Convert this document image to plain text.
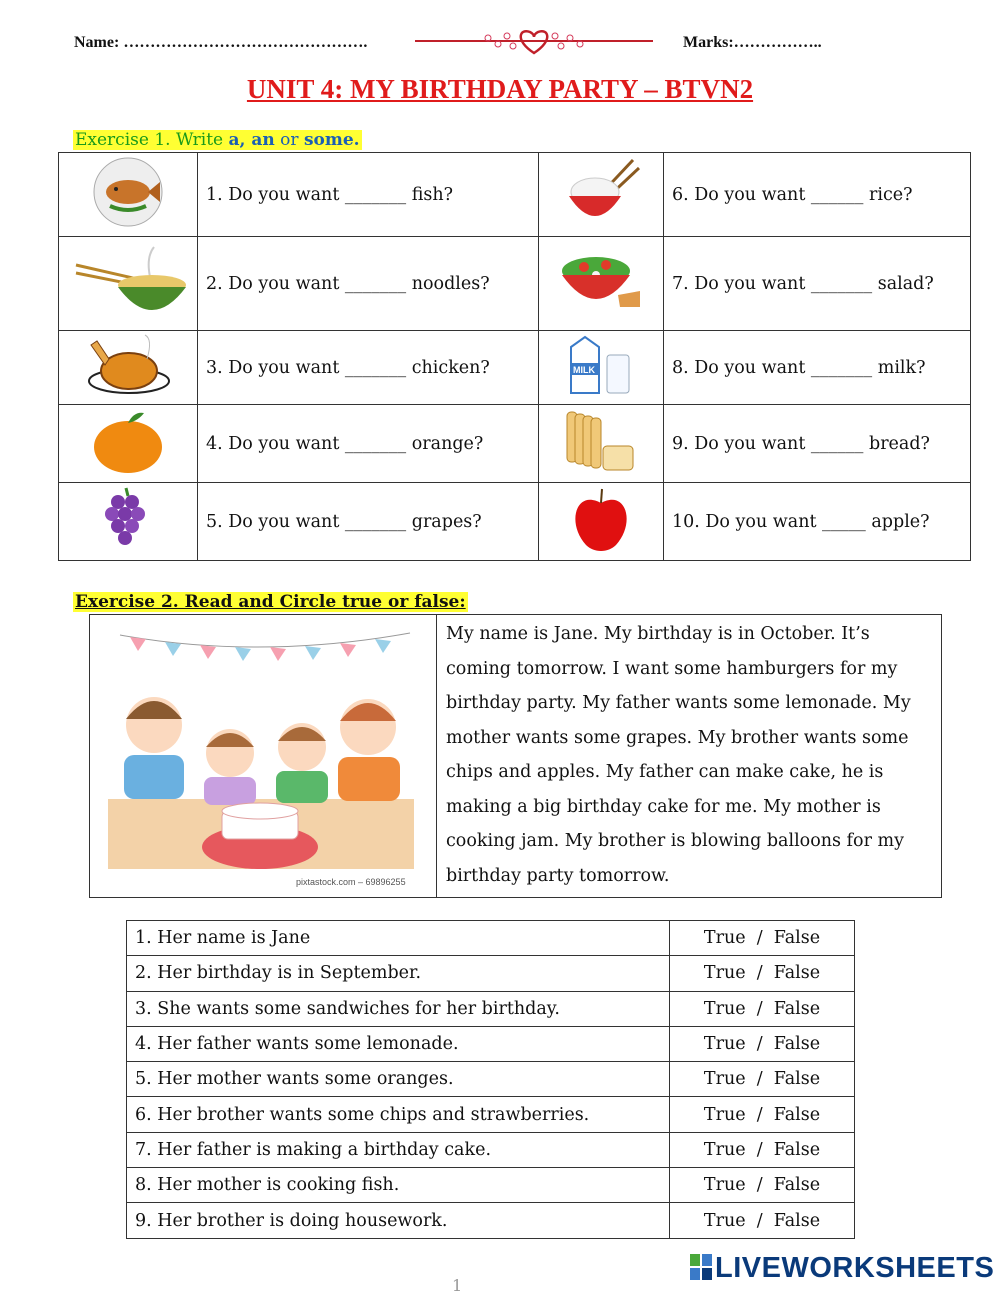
Name: ……………………………………….	Marks:……………..
UNIT 4: MY BIRTHDAY PARTY – BTVN2
Exercise 1. Write a, an or some.
	1. Do you want _______ fish?		6. Do you want ______ rice?
	2. Do you want _______ noodles?		7. Do you want _______ salad?
	3. Do you want _______ chicken?	MILK	8. Do you want _______ milk?
	4. Do you want _______ orange?		9. Do you want ______ bread?
	5. Do you want _______ grapes?		10. Do you want _____ apple?
Exercise 2. Read and Circle true or false:
pixtastock.com – 69896255
My name is Jane. My birthday is in October. It’s coming tomorrow. I want some hamburgers for my birthday party. My father wants some lemonade. My mother wants some grapes. My brother wants some chips and apples. My father can make cake, he is making a big birthday cake for me. My mother is cooking jam. My brother is blowing balloons for my birthday party tomorrow.
1. Her name is Jane	True  /  False
2. Her birthday is in September.	True  /  False
3. She wants some sandwiches for her birthday.	True  /  False
4. Her father wants some lemonade.	True  /  False
5. Her mother wants some oranges.	True  /  False
6. Her brother wants some chips and strawberries.	True  /  False
7. Her father is making a birthday cake.	True  /  False
8. Her mother is cooking fish.	True  /  False
9. Her brother is doing housework.	True  /  False
1
LIVEWORKSHEETS
